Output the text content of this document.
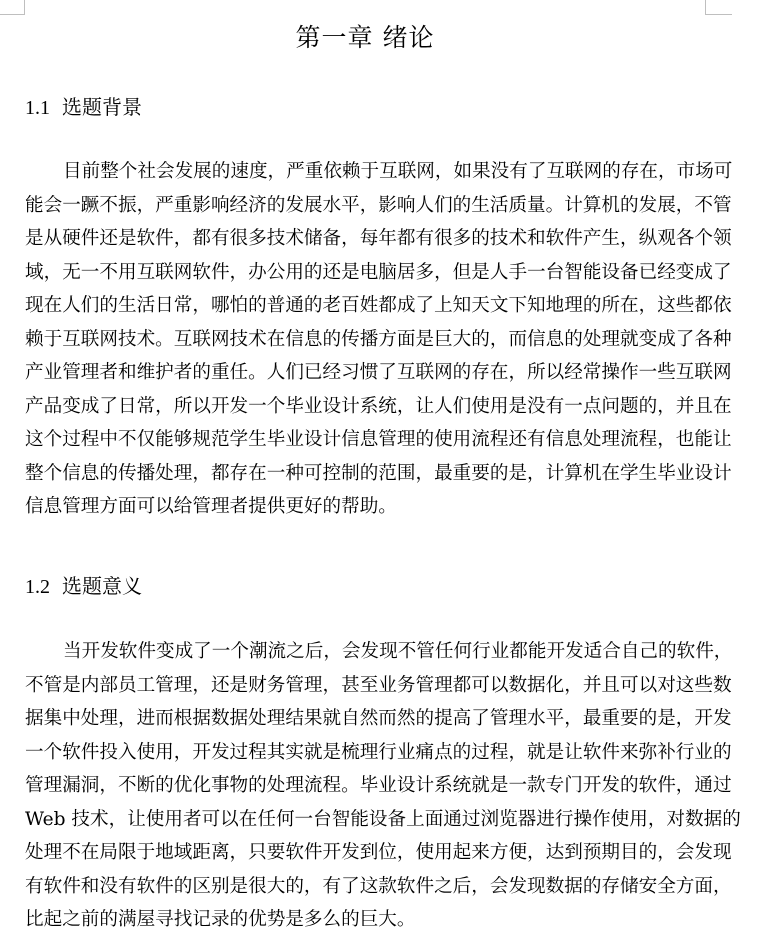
第一章 绪论
1.1 选题背景
目前整个社会发展的速度，严重依赖于互联网，如果没有了互联网的存在，市场可
能会一蹶不振，严重影响经济的发展水平，影响人们的生活质量。计算机的发展，不管
是从硬件还是软件，都有很多技术储备，每年都有很多的技术和软件产生，纵观各个领
域，无一不用互联网软件，办公用的还是电脑居多，但是人手一台智能设备已经变成了
现在人们的生活日常，哪怕的普通的老百姓都成了上知天文下知地理的所在，这些都依
赖于互联网技术。互联网技术在信息的传播方面是巨大的，而信息的处理就变成了各种
产业管理者和维护者的重任。人们已经习惯了互联网的存在，所以经常操作一些互联网
产品变成了日常，所以开发一个毕业设计系统，让人们使用是没有一点问题的，并且在
这个过程中不仅能够规范学生毕业设计信息管理的使用流程还有信息处理流程，也能让
整个信息的传播处理，都存在一种可控制的范围，最重要的是，计算机在学生毕业设计
信息管理方面可以给管理者提供更好的帮助。
1.2 选题意义
当开发软件变成了一个潮流之后，会发现不管任何行业都能开发适合自己的软件，
不管是内部员工管理，还是财务管理，甚至业务管理都可以数据化，并且可以对这些数
据集中处理，进而根据数据处理结果就自然而然的提高了管理水平，最重要的是，开发
一个软件投入使用，开发过程其实就是梳理行业痛点的过程，就是让软件来弥补行业的
管理漏洞，不断的优化事物的处理流程。毕业设计系统就是一款专门开发的软件，通过
Web 技术，让使用者可以在任何一台智能设备上面通过浏览器进行操作使用，对数据的
处理不在局限于地域距离，只要软件开发到位，使用起来方便，达到预期目的，会发现
有软件和没有软件的区别是很大的，有了这款软件之后，会发现数据的存储安全方面，
比起之前的满屋寻找记录的优势是多么的巨大。
